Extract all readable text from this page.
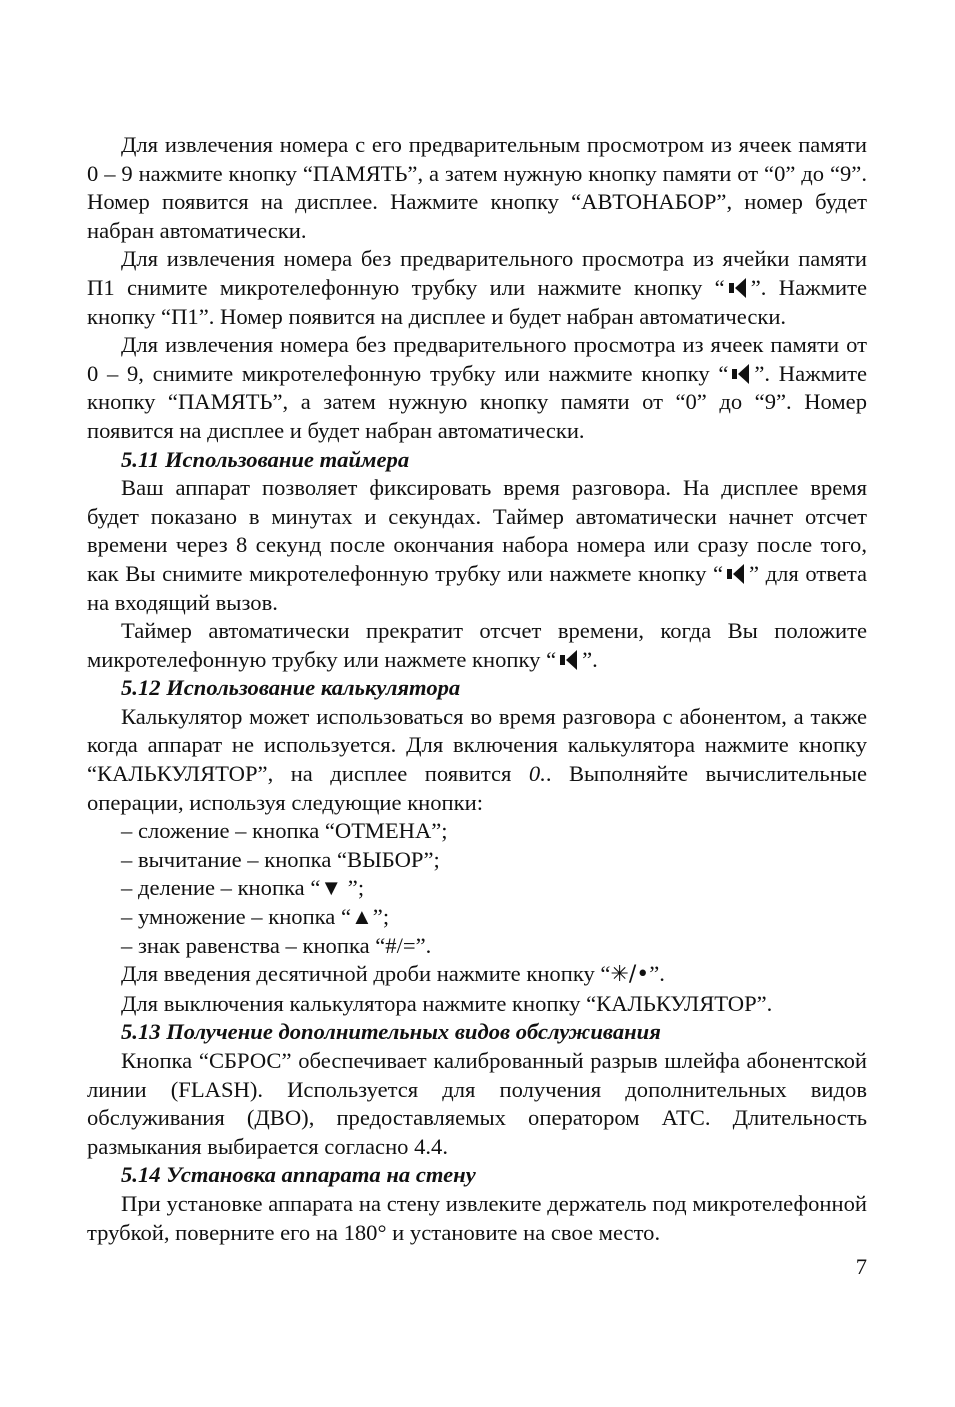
Для извлечения номера с его предварительным просмотром из ячеек памяти 0 – 9 нажмите кнопку “ПАМЯТЬ”, а затем нужную кнопку памяти от “0” до “9”. Номер появится на дисплее. Нажмите кнопку “АВТОНАБОР”, номер будет набран автоматически.

Для извлечения номера без предварительного просмотра из ячейки памяти П1 снимите микротелефонную трубку или нажмите кнопку “ ”. Нажмите кнопку “П1”. Номер появится на дисплее и будет набран автоматически.

Для извлечения номера без предварительного просмотра из ячеек памяти от 0 – 9, снимите микротелефонную трубку или нажмите кнопку “ ”. Нажмите кнопку “ПАМЯТЬ”, а затем нужную кнопку памяти от “0” до “9”. Номер появится на дисплее и будет набран автоматически.

5.11 Использование таймера

Ваш аппарат позволяет фиксировать время разговора. На дисплее время будет показано в минутах и секундах. Таймер автоматически начнет отсчет времени через 8 секунд после окончания набора номера или сразу после того, как Вы снимите микротелефонную трубку или нажмете кнопку “ ” для ответа на входящий вызов.

Таймер автоматически прекратит отсчет времени, когда Вы положите микротелефонную трубку или нажмете кнопку “ ”.

5.12 Использование калькулятора

Калькулятор может использоваться во время разговора с абонентом, а также когда аппарат не используется. Для включения калькулятора нажмите кнопку “КАЛЬКУЛЯТОР”, на дисплее появится 0.. Выполняйте вычислительные операции, используя следующие кнопки:

– сложение – кнопка “ОТМЕНА”;

– вычитание – кнопка “ВЫБОР”;

– деление – кнопка “▼ ”;

– умножение – кнопка “▲”;

– знак равенства – кнопка “#/=”.

Для введения десятичной дроби нажмите кнопку “✳/•”.

Для выключения калькулятора нажмите кнопку “КАЛЬКУЛЯТОР”.

5.13 Получение дополнительных видов обслуживания

Кнопка “СБРОС” обеспечивает калиброванный разрыв шлейфа абонентской линии (FLASH). Используется для получения дополнительных видов обслуживания (ДВО), предоставляемых оператором АТС. Длительность размыкания выбирается согласно 4.4.

5.14 Установка аппарата на стену

При установке аппарата на стену извлеките держатель под микротелефонной трубкой, поверните его на 180° и установите на свое место.

7
